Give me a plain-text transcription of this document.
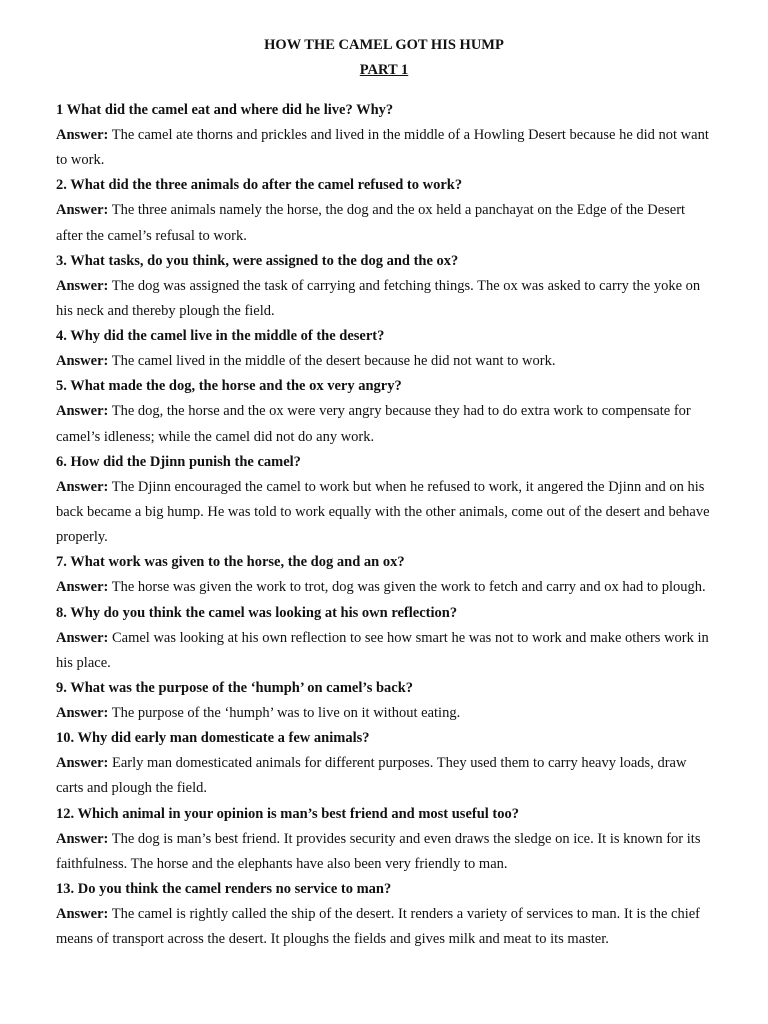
HOW THE CAMEL GOT HIS HUMP

PART 1

1 What did the camel eat and where did he live? Why?

Answer: The camel ate thorns and prickles and lived in the middle of a Howling Desert because he did not want to work.

2. What did the three animals do after the camel refused to work?

Answer: The three animals namely the horse, the dog and the ox held a panchayat on the Edge of the Desert after the camel’s refusal to work.

3. What tasks, do you think, were assigned to the dog and the ox?

Answer: The dog was assigned the task of carrying and fetching things. The ox was asked to carry the yoke on his neck and thereby plough the field.

4. Why did the camel live in the middle of the desert?

Answer: The camel lived in the middle of the desert because he did not want to work.

5. What made the dog, the horse and the ox very angry?

Answer: The dog, the horse and the ox were very angry because they had to do extra work to compensate for camel’s idleness; while the camel did not do any work.

6. How did the Djinn punish the camel?

Answer: The Djinn encouraged the camel to work but when he refused to work, it angered the Djinn and on his back became a big hump. He was told to work equally with the other animals, come out of the desert and behave properly.

7. What work was given to the horse, the dog and an ox?

Answer: The horse was given the work to trot, dog was given the work to fetch and carry and ox had to plough.

8. Why do you think the camel was looking at his own reflection?

Answer: Camel was looking at his own reflection to see how smart he was not to work and make others work in his place.

9. What was the purpose of the ‘humph’ on camel’s back?

Answer: The purpose of the ‘humph’ was to live on it without eating.

10. Why did early man domesticate a few animals?

Answer: Early man domesticated animals for different purposes. They used them to carry heavy loads, draw carts and plough the field.

12. Which animal in your opinion is man’s best friend and most useful too?

Answer: The dog is man’s best friend. It provides security and even draws the sledge on ice. It is known for its faithfulness. The horse and the elephants have also been very friendly to man.

13. Do you think the camel renders no service to man?

Answer: The camel is rightly called the ship of the desert. It renders a variety of services to man. It is the chief means of transport across the desert. It ploughs the fields and gives milk and meat to its master.
